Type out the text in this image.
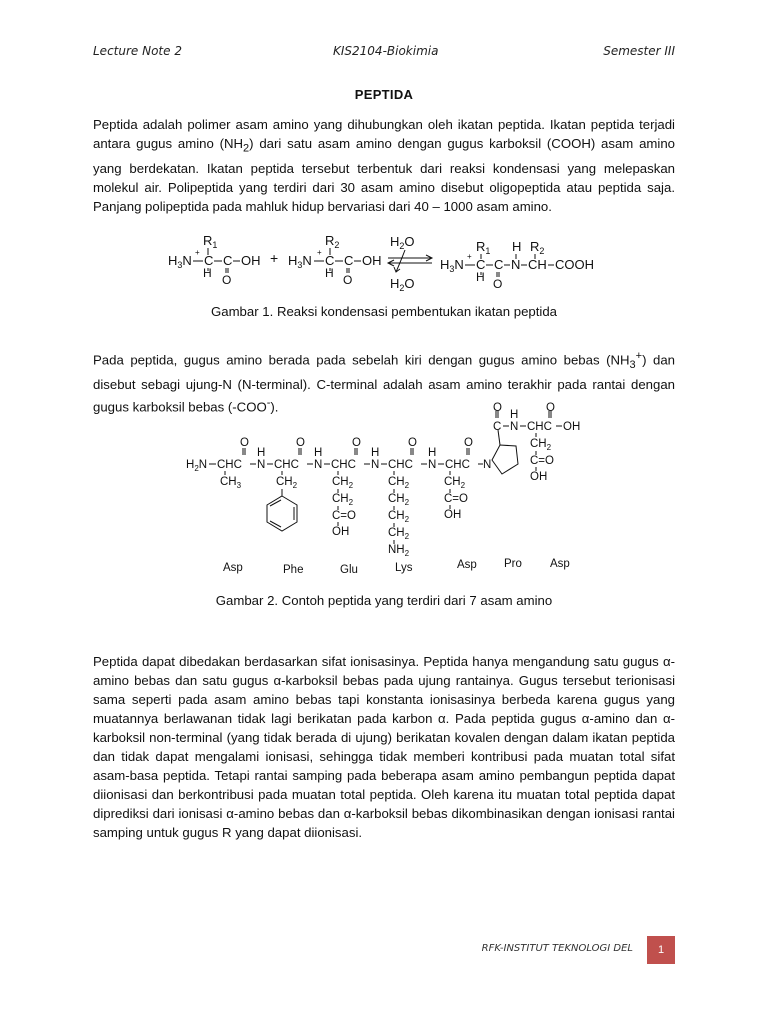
Lecture Note 2	KIS2104-Biokimia	Semester III
PEPTIDA

Peptida adalah polimer asam amino yang dihubungkan oleh ikatan peptida. Ikatan peptida terjadi antara gugus amino $(NH_2)$ dari satu asam amino dengan gugus karboksil (COOH) asam amino yang berdekatan. Ikatan peptida tersebut terbentuk dari reaksi kondensasi yang melepaskan molekul air. Polipeptida yang terdiri dari 30 asam amino disebut oligopeptida atau peptida saja. Panjang polipeptida pada mahluk hidup bervariasi dari 40 – 1000 asam amino.

$R_1$
+
$H_3N$ C C OH
H O
+
$R_2$
+
$H_3N$ C C OH
H O
$H_2O$
$H_2O$
$R_1$ H $R_2$
+
$H_3N$ C C N CH COOH
H O
Gambar 1. Reaksi kondensasi pembentukan ikatan peptida

Pada peptida, gugus amino berada pada sebelah kiri dengan gugus amino bebas $(NH_3^+)$ dan disebut sebagi ujung-N (N-terminal). C-terminal adalah asam amino terakhir pada rantai dengan gugus karboksil bebas (-COO-).

$H_2N$ CHC
O
N
H
$CH_3$
CHC
O
N
H
$CH_2$
CHC
O
N
H
$CH_2$
$CH_2$
C=O
OH
CHC
O
N
H
$CH_2$
$CH_2$
$CH_2$
$CH_2$
$NH_2$
CHC
O
$CH_2$
C=O
OH
N
C
O
N
H
CHC
O
OH
$CH_2$
C=O
OH
Asp	Phe	Glu	Lys	Asp Pro Asp
Gambar 2. Contoh peptida yang terdiri dari 7 asam amino

Peptida dapat dibedakan berdasarkan sifat ionisasinya. Peptida hanya mengandung satu gugus α-amino bebas dan satu gugus α-karboksil bebas pada ujung rantainya. Gugus tersebut terionisasi sama seperti pada asam amino bebas tapi konstanta ionisasinya berbeda karena gugus yang muatannya berlawanan tidak lagi berikatan pada karbon α. Pada peptida gugus α-amino dan α-karboksil non-terminal (yang tidak berada di ujung) berikatan kovalen dengan dalam ikatan peptida dan tidak dapat mengalami ionisasi, sehingga tidak memberi kontribusi pada muatan total sifat asam-basa peptida. Tetapi rantai samping pada beberapa asam amino pembangun peptida dapat diionisasi dan berkontribusi pada muatan total peptida. Oleh karena itu muatan total peptida dapat diprediksi dari ionisasi α-amino bebas dan α-karboksil bebas dikombinasikan dengan ionisasi rantai samping untuk gugus R yang dapat diionisasi.

RFK-INSTITUT TEKNOLOGI DEL	1
